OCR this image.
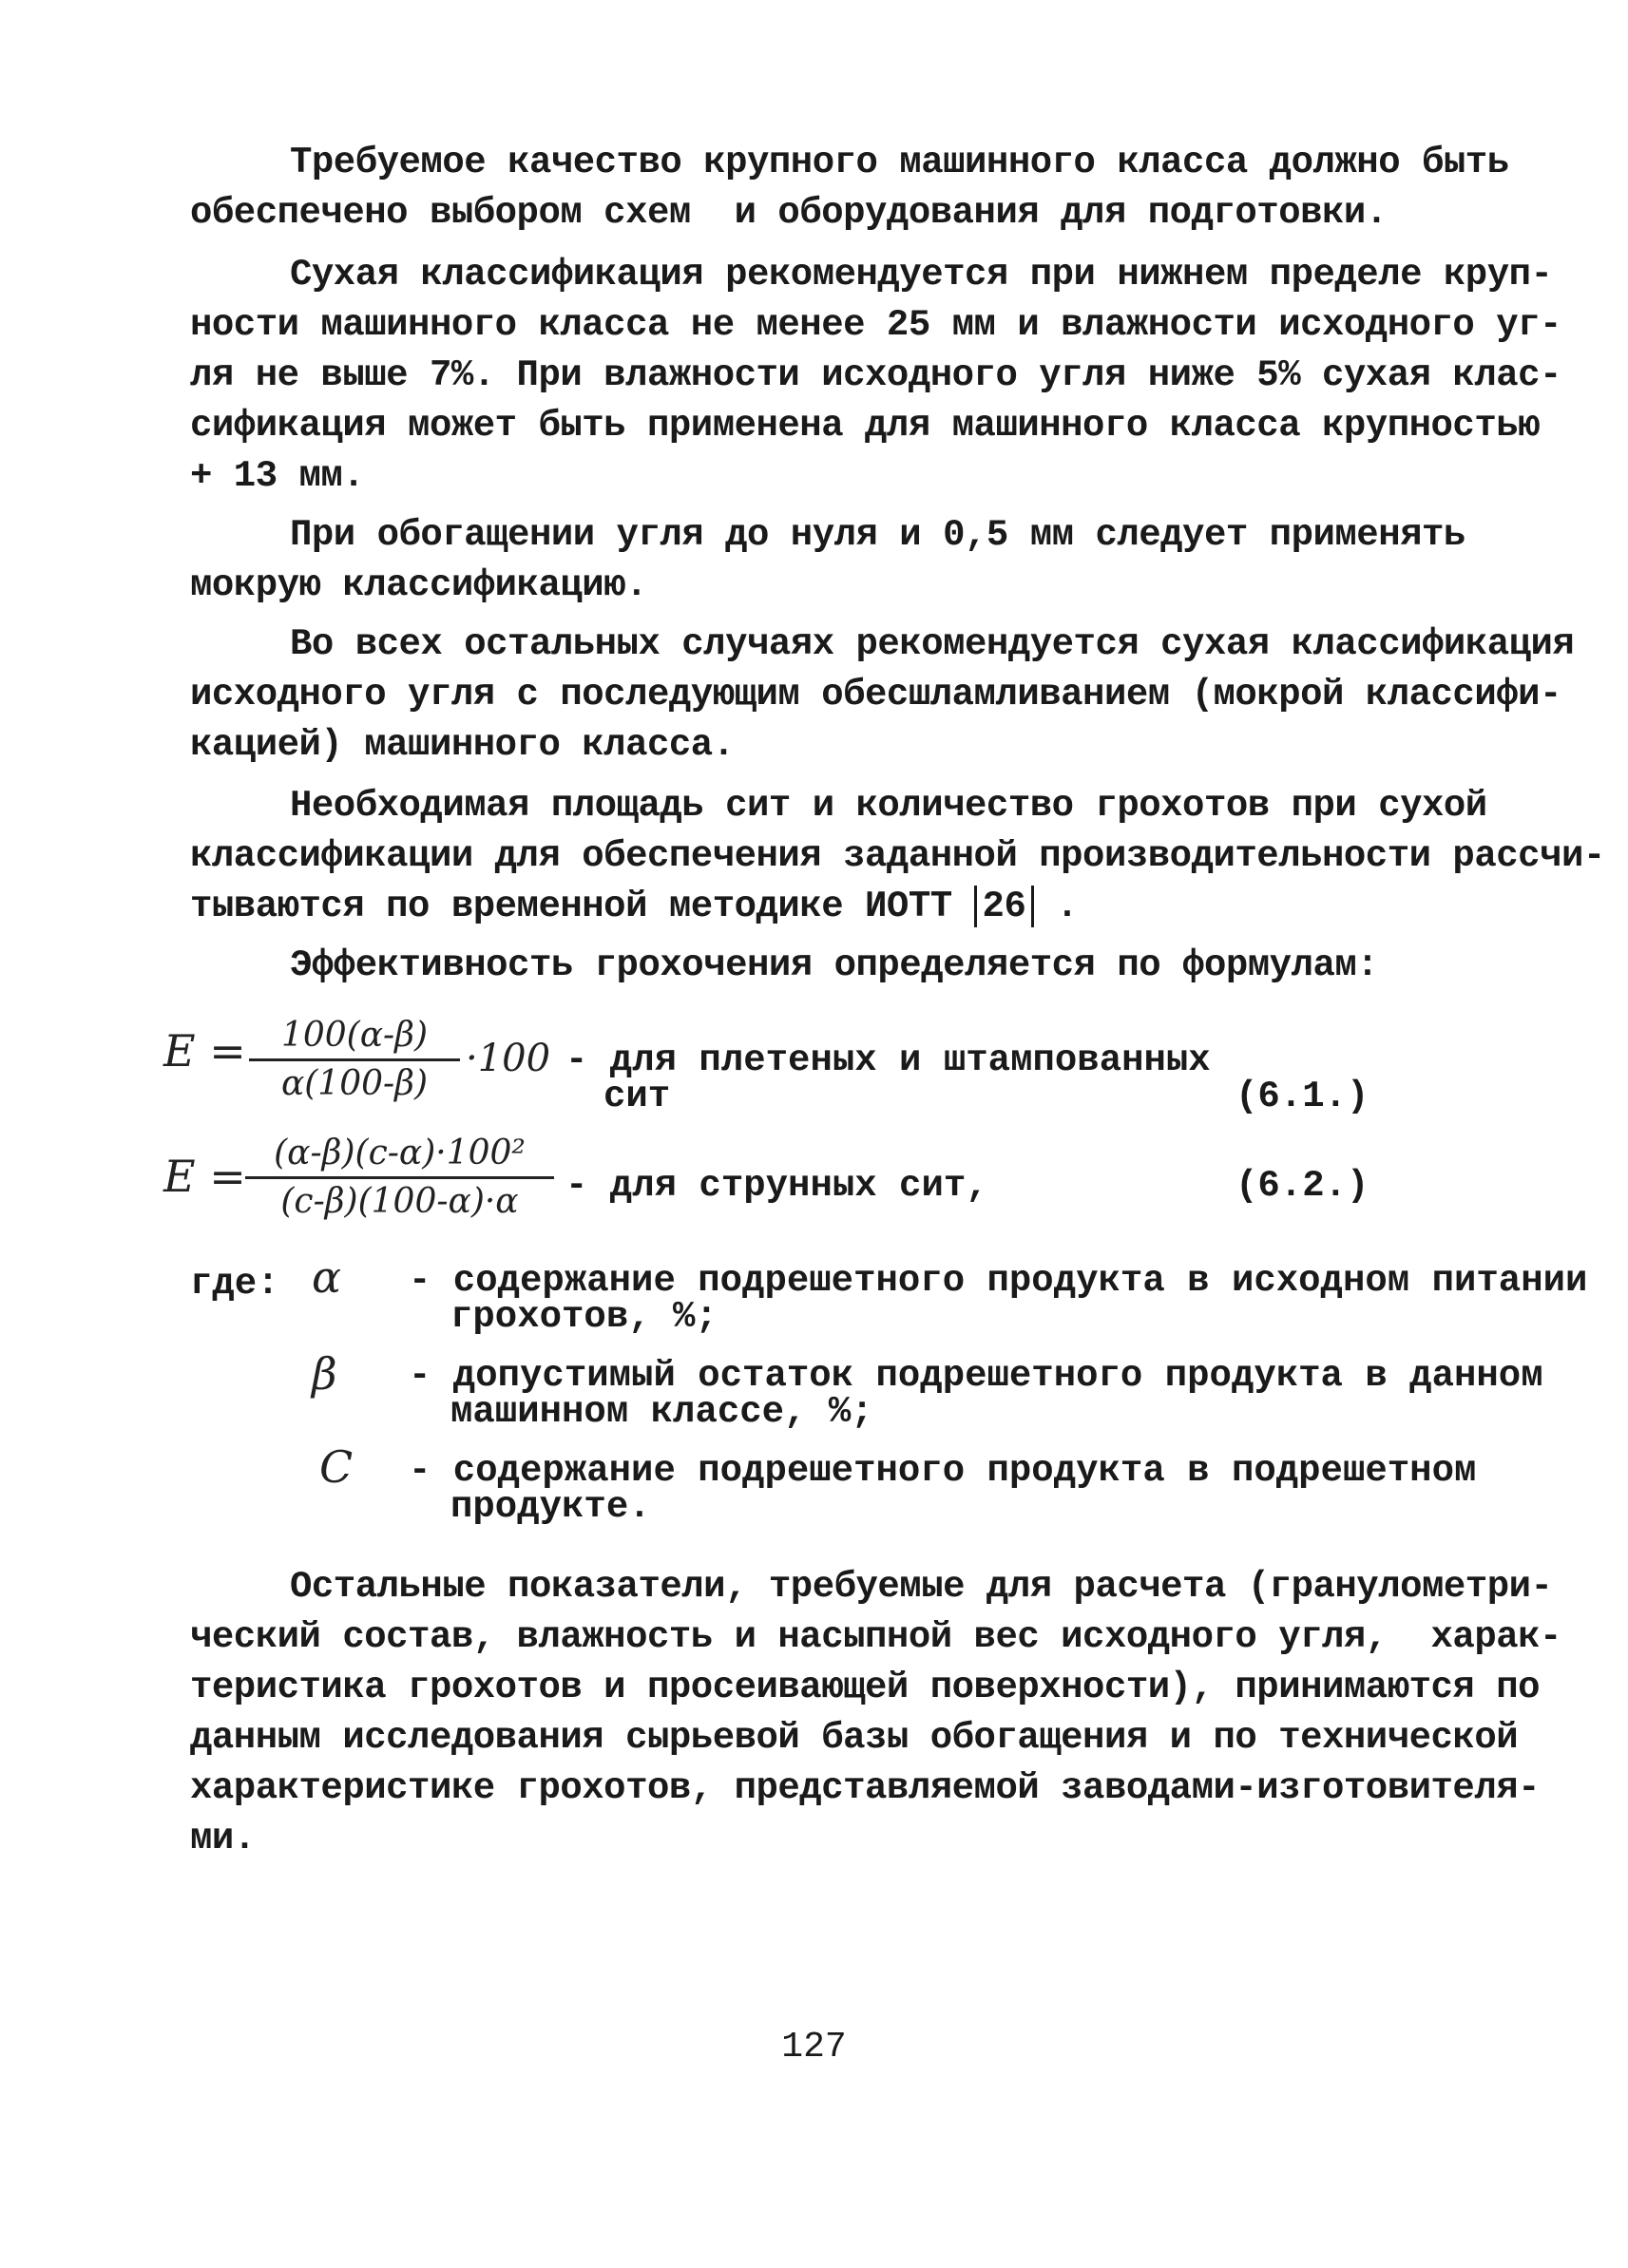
Требуемое качество крупного машинного класса должно быть
обеспечено выбором схем  и оборудования для подготовки.
Сухая классификация рекомендуется при нижнем пределе круп-
ности машинного класса не менее 25 мм и влажности исходного уг-
ля не выше 7%. При влажности исходного угля ниже 5% сухая клас-
сификация может быть применена для машинного класса крупностью
+ 13 мм.
При обогащении угля до нуля и 0,5 мм следует применять
мокрую классификацию.
Во всех остальных случаях рекомендуется сухая классификация
исходного угля с последующим обесшламливанием (мокрой классифи-
кацией) машинного класса.
Необходимая площадь сит и количество грохотов при сухой
классификации для обеспечения заданной производительности рассчи-
тываются по временной методике ИОТТ 26 .
Эффективность грохочения определяется по формулам:
E =	100(α-β)
α(100-β)
·100 - для плетеных и штампованных
сит	(6.1.)
E = (α-β)(c-α)·100²
(c-β)(100-α)·α	- для струнных сит,	(6.2.)
где: α - содержание подрешетного продукта в исходном питании
грохотов, %;
β - допустимый остаток подрешетного продукта в данном
машинном классе, %;
C - содержание подрешетного продукта в подрешетном
продукте.
Остальные показатели, требуемые для расчета (гранулометри-
ческий состав, влажность и насыпной вес исходного угля,  харак-
теристика грохотов и просеивающей поверхности), принимаются по
данным исследования сырьевой базы обогащения и по технической
характеристике грохотов, представляемой заводами-изготовителя-
ми.
127
